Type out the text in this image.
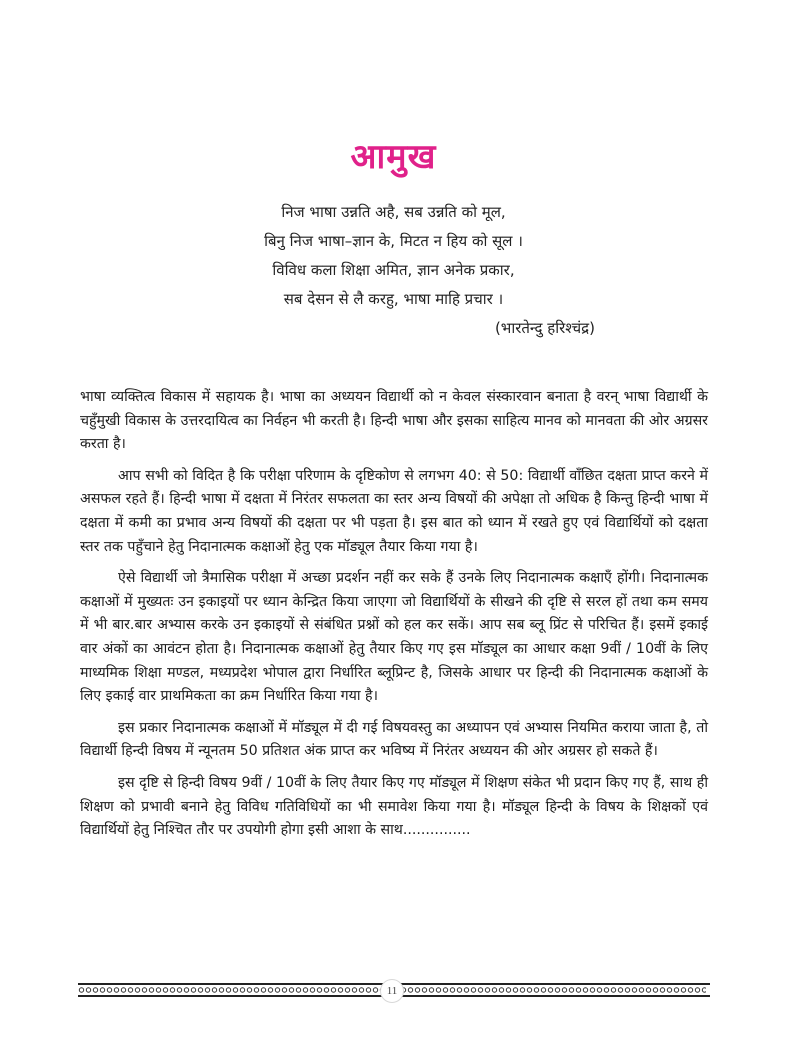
आमुख
निज भाषा उन्नति अहै, सब उन्नति को मूल,
बिनु निज भाषा–ज्ञान के, मिटत न हिय को सूल ।
विविध कला शिक्षा अमित, ज्ञान अनेक प्रकार,
सब देसन से लै करहु, भाषा माहि प्रचार ।
(भारतेन्दु हरिश्चंद्र)

भाषा व्यक्तित्व विकास में सहायक है। भाषा का अध्ययन विद्यार्थी को न केवल संस्कारवान बनाता है वरन् भाषा विद्यार्थी के चहुँमुखी विकास के उत्तरदायित्व का निर्वहन भी करती है। हिन्दी भाषा और इसका साहित्य मानव को मानवता की ओर अग्रसर करता है।

आप सभी को विदित है कि परीक्षा परिणाम के दृष्टिकोण से लगभग 40: से 50: विद्यार्थी वाँछित दक्षता प्राप्त करने में असफल रहते हैं। हिन्दी भाषा में दक्षता में निरंतर सफलता का स्तर अन्य विषयों की अपेक्षा तो अधिक है किन्तु हिन्दी भाषा में दक्षता में कमी का प्रभाव अन्य विषयों की दक्षता पर भी पड़ता है। इस बात को ध्यान में रखते हुए एवं विद्यार्थियों को दक्षता स्तर तक पहुँचाने हेतु निदानात्मक कक्षाओं हेतु एक मॉड्यूल तैयार किया गया है।

ऐसे विद्यार्थी जो त्रैमासिक परीक्षा में अच्छा प्रदर्शन नहीं कर सके हैं उनके लिए निदानात्मक कक्षाएँ होंगी। निदानात्मक कक्षाओं में मुख्यतः उन इकाइयों पर ध्यान केन्द्रित किया जाएगा जो विद्यार्थियों के सीखने की दृष्टि से सरल हों तथा कम समय में भी बार.बार अभ्यास करके उन इकाइयों से संबंधित प्रश्नों को हल कर सकें। आप सब ब्लू प्रिंट से परिचित हैं। इसमें इकाई वार अंकों का आवंटन होता है। निदानात्मक कक्षाओं हेतु तैयार किए गए इस मॉड्यूल का आधार कक्षा 9वीं / 10वीं के लिए माध्यमिक शिक्षा मण्डल, मध्यप्रदेश भोपाल द्वारा निर्धारित ब्लूप्रिन्ट है, जिसके आधार पर हिन्दी की निदानात्मक कक्षाओं के लिए इकाई वार प्राथमिकता का क्रम निर्धारित किया गया है।

इस प्रकार निदानात्मक कक्षाओं में मॉड्यूल में दी गई विषयवस्तु का अध्यापन एवं अभ्यास नियमित कराया जाता है, तो विद्यार्थी हिन्दी विषय में न्यूनतम 50 प्रतिशत अंक प्राप्त कर भविष्य में निरंतर अध्ययन की ओर अग्रसर हो सकते हैं।

इस दृष्टि से हिन्दी विषय 9वीं / 10वीं के लिए तैयार किए गए मॉड्यूल में शिक्षण संकेत भी प्रदान किए गए हैं, साथ ही शिक्षण को प्रभावी बनाने हेतु विविध गतिविधियों का भी समावेश किया गया है। मॉड्यूल हिन्दी के विषय के शिक्षकों एवं विद्यार्थियों हेतु निश्चित तौर पर उपयोगी होगा इसी आशा के साथ...............

11
